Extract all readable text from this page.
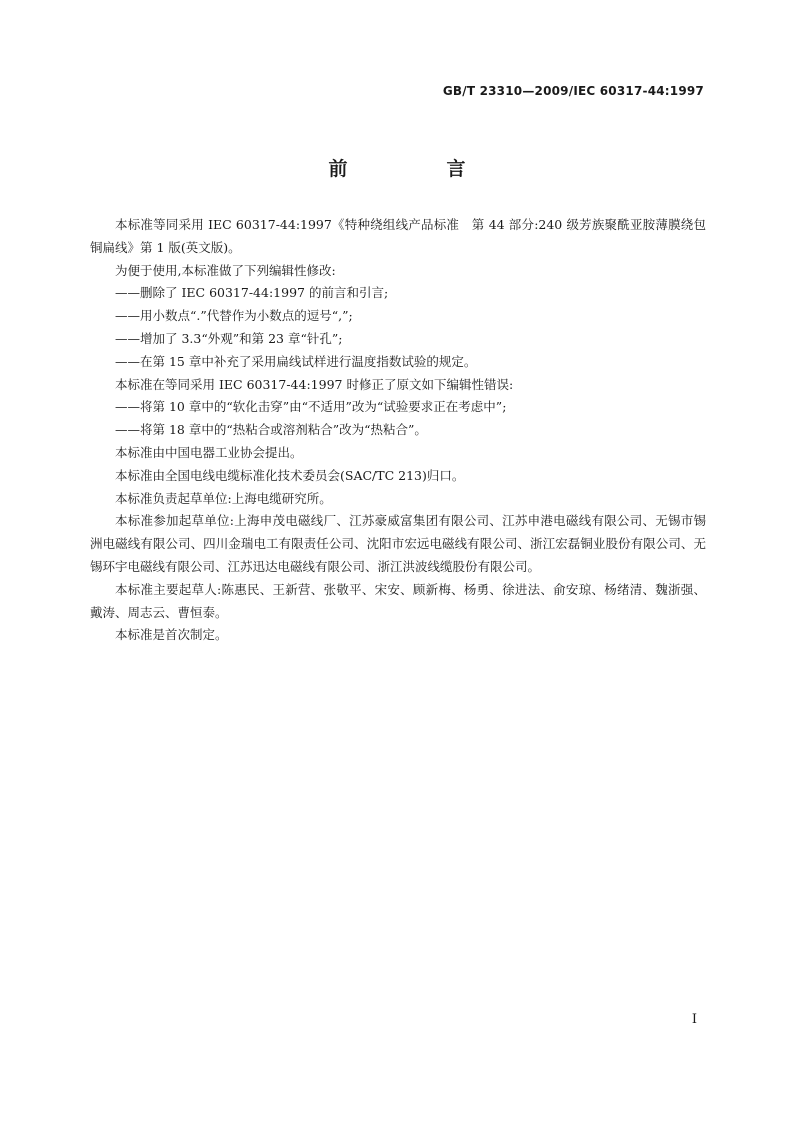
GB/T 23310—2009/IEC 60317-44:1997
前　言

本标准等同采用 IEC 60317-44:1997《特种绕组线产品标准　第 44 部分:240 级芳族聚酰亚胺薄膜绕包铜扁线》第 1 版(英文版)。

为便于使用,本标准做了下列编辑性修改:

——删除了 IEC 60317-44:1997 的前言和引言;

——用小数点“.”代替作为小数点的逗号“,”;

——增加了 3.3“外观”和第 23 章“针孔”;

——在第 15 章中补充了采用扁线试样进行温度指数试验的规定。

本标准在等同采用 IEC 60317-44:1997 时修正了原文如下编辑性错误:

——将第 10 章中的“软化击穿”由“不适用”改为“试验要求正在考虑中”;

——将第 18 章中的“热粘合或溶剂粘合”改为“热粘合”。

本标准由中国电器工业协会提出。

本标准由全国电线电缆标准化技术委员会(SAC/TC 213)归口。

本标准负责起草单位:上海电缆研究所。

本标准参加起草单位:上海申茂电磁线厂、江苏豪威富集团有限公司、江苏申港电磁线有限公司、无锡市锡洲电磁线有限公司、四川金瑞电工有限责任公司、沈阳市宏远电磁线有限公司、浙江宏磊铜业股份有限公司、无锡环宇电磁线有限公司、江苏迅达电磁线有限公司、浙江洪波线缆股份有限公司。

本标准主要起草人:陈惠民、王新营、张敬平、宋安、顾新梅、杨勇、徐进法、俞安琼、杨绪清、魏浙强、戴涛、周志云、曹恒泰。

本标准是首次制定。

I
